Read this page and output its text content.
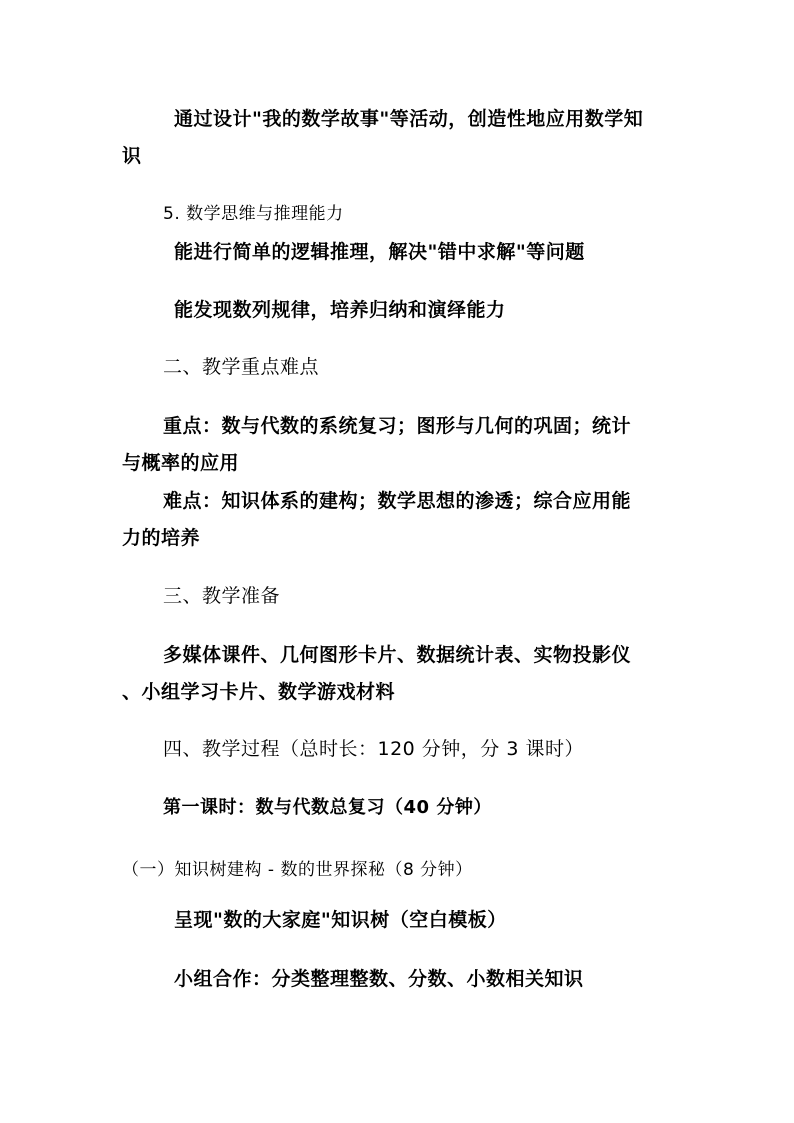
通过设计"我的数学故事"等活动，创造性地应用数学知
识
5. 数学思维与推理能力
能进行简单的逻辑推理，解决"错中求解"等问题
能发现数列规律，培养归纳和演绎能力
二、教学重点难点
重点：数与代数的系统复习；图形与几何的巩固；统计
与概率的应用
难点：知识体系的建构；数学思想的渗透；综合应用能
力的培养
三、教学准备
多媒体课件、几何图形卡片、数据统计表、实物投影仪
、小组学习卡片、数学游戏材料
四、教学过程（总时长：120 分钟，分 3 课时）
第一课时：数与代数总复习（40 分钟）
（一）知识树建构 - 数的世界探秘（8 分钟）
呈现"数的大家庭"知识树（空白模板）
小组合作：分类整理整数、分数、小数相关知识
